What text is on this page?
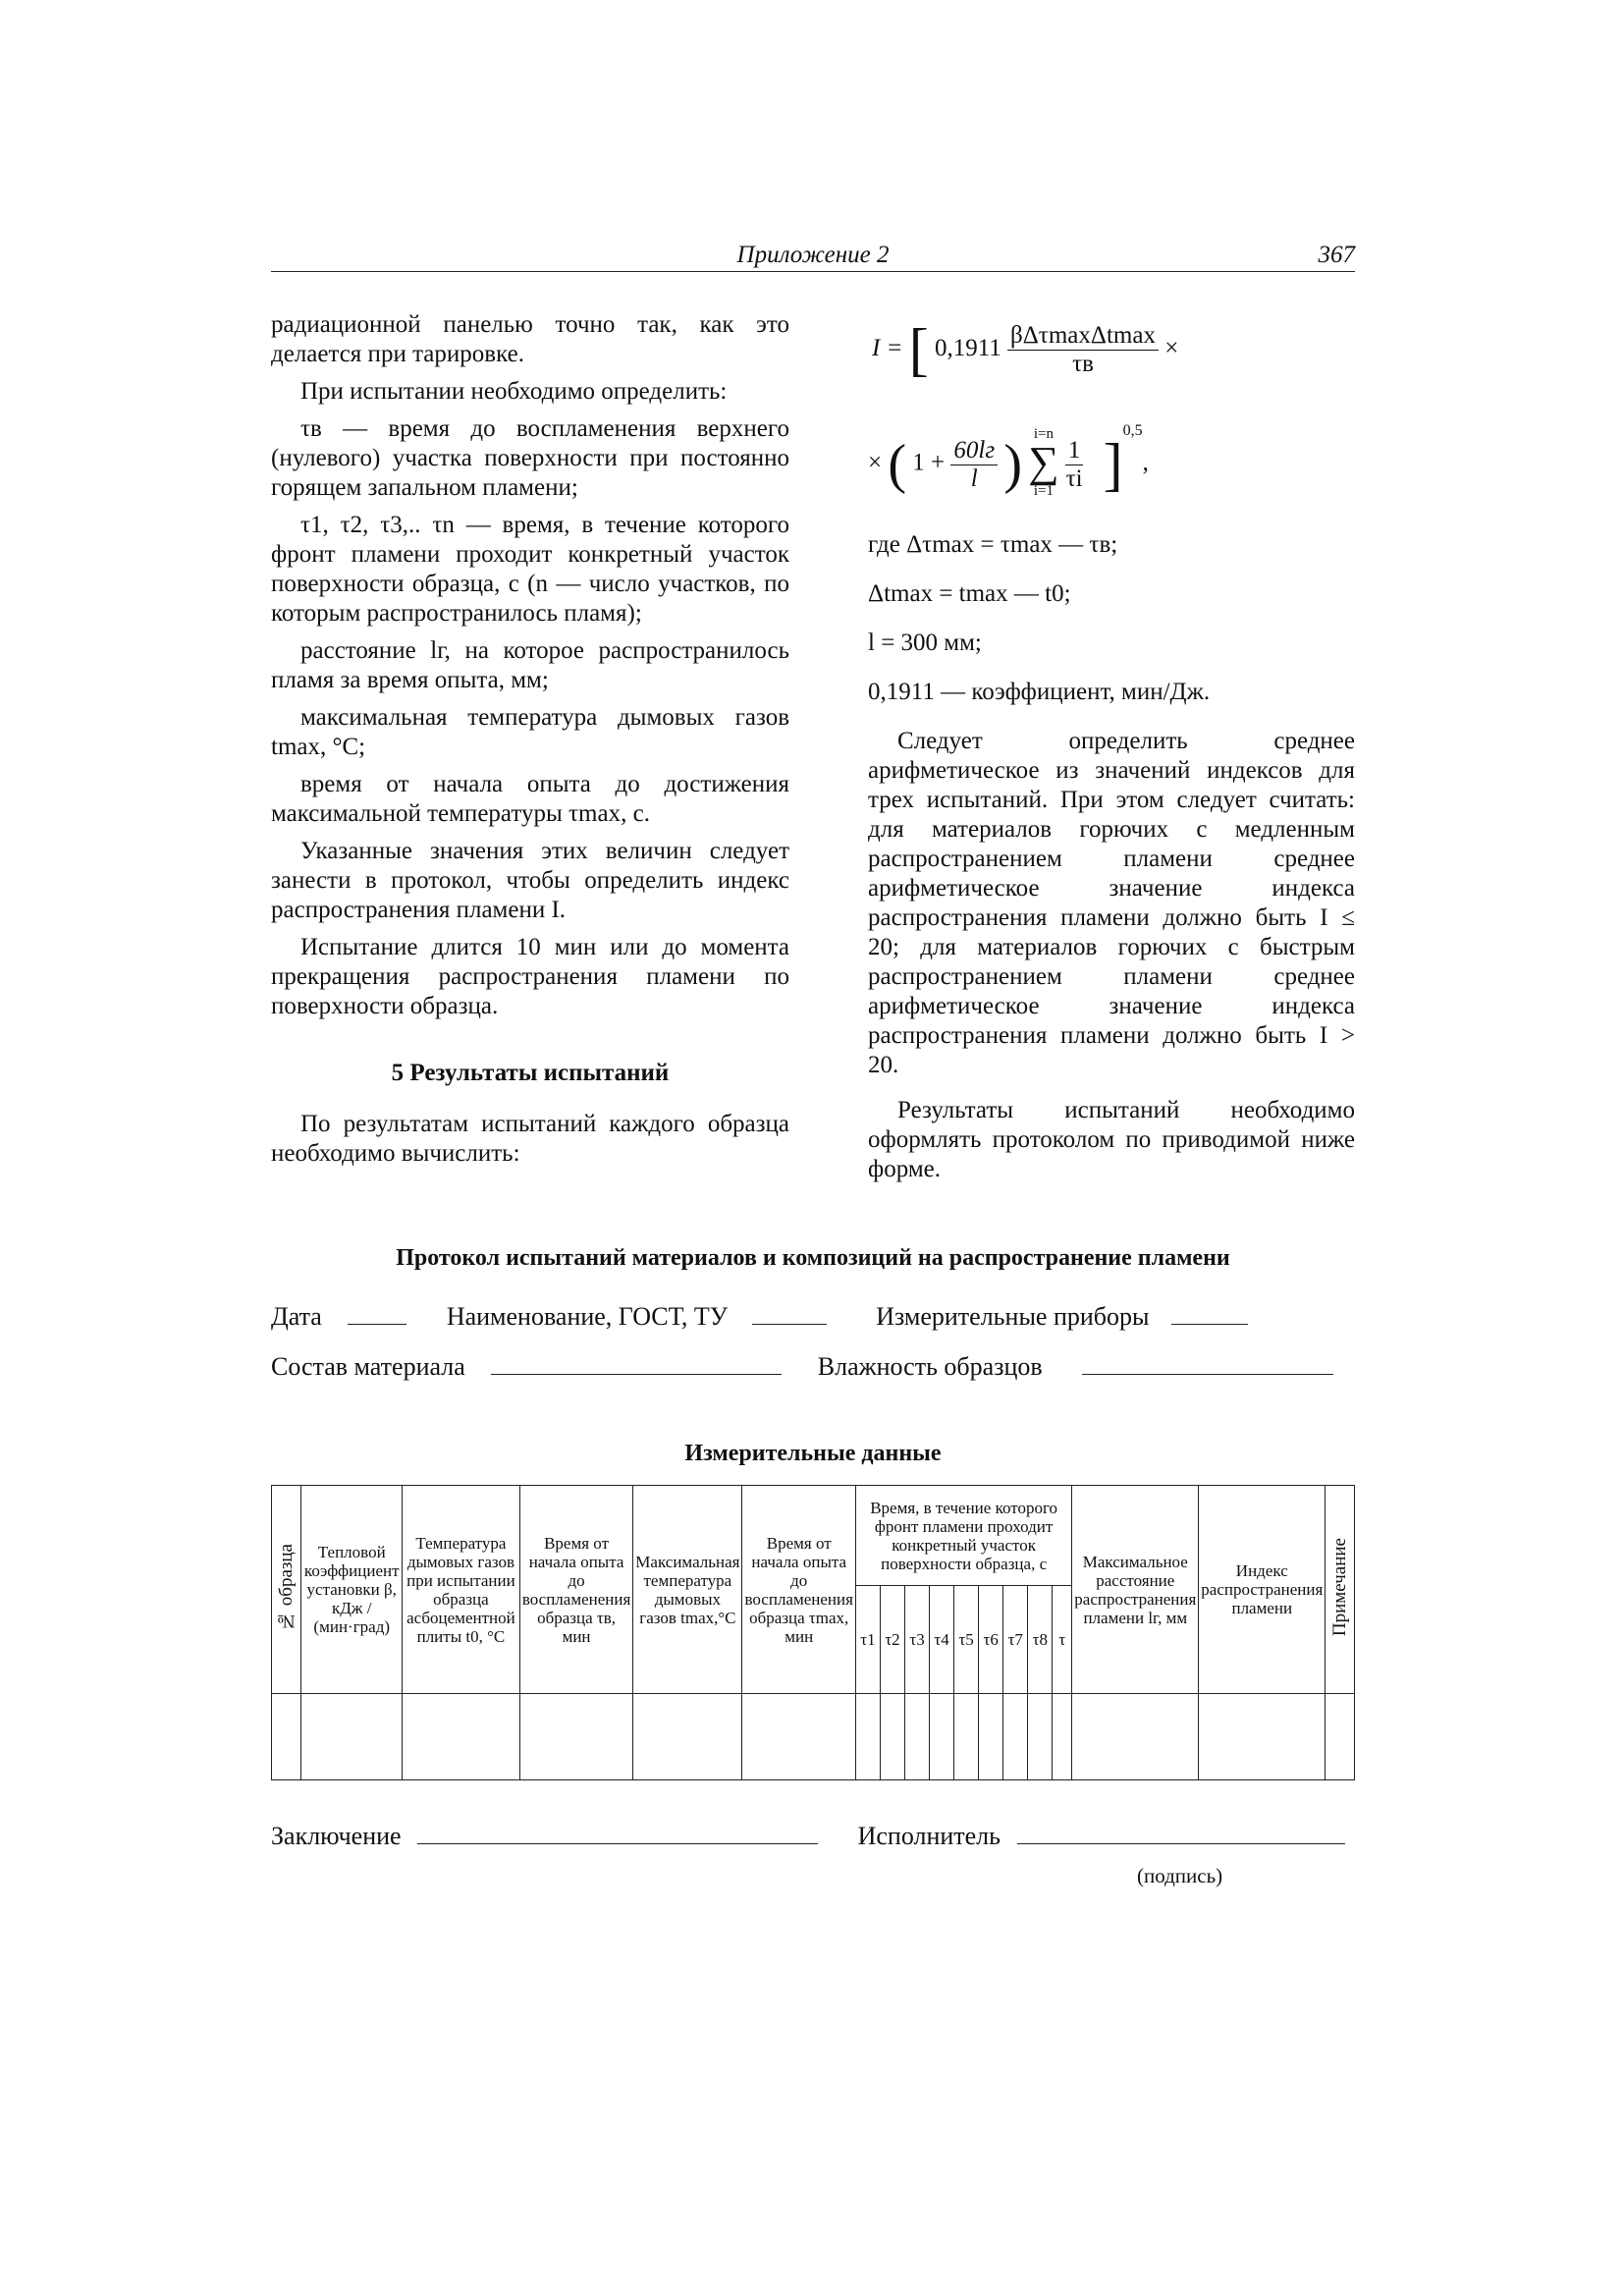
Приложение 2	367

радиационной панелью точно так, как это делается при тарировке.

При испытании необходимо определить:

τв — время до воспламенения верхнего (нулевого) участка поверхности при постоянно горящем запальном пламени;

τ1, τ2, τ3,.. τn — время, в течение которого фронт пламени проходит конкретный участок поверхности образца, с (n — число участков, по которым распространилось пламя);

расстояние lг, на которое распространилось пламя за время опыта, мм;

максимальная температура дымовых газов tmax, °C;

время от начала опыта до достижения максимальной температуры τmax, с.

Указанные значения этих величин следует занести в протокол, чтобы определить индекс распространения пламени I.

Испытание длится 10 мин или до момента прекращения распространения пламени по поверхности образца.

5 Результаты испытаний

По результатам испытаний каждого образца необходимо вычислить:

I = [ $0,1911 \frac{\text{βΔτmaxΔtmax}}{\tau в}$ ×
× ( $1 + \frac{60lг}{l}$ ) i=n
∑
i=1
$\frac{1}{\tau i} ]^{0,5}$,

где Δτmax = τmax — τв;

Δtmax = tmax — t0;

l = 300 мм;

0,1911 — коэффициент, мин/Дж.

Следует определить среднее арифметическое из значений индексов для трех испытаний. При этом следует считать: для материалов горючих с медленным распространением пламени среднее арифметическое значение индекса распространения пламени должно быть I ≤ 20; для материалов горючих с быстрым распространением пламени среднее арифметическое значение индекса распространения пламени должно быть I > 20.

Результаты испытаний необходимо оформлять протоколом по приводимой ниже форме.

Протокол испытаний материалов и композиций на распространение пламени
Дата	Наименование, ГОСТ, ТУ	Измерительные приборы
Состав материала	Влажность образцов
Измерительные данные
№ образца	Тепловой коэффициент установки β, кДж / (мин·град)	Температура дымовых газов при испытании образца асбоцементной плиты t0, °C	Время от начала опыта до воспламенения образца τв, мин	Максимальная температура дымовых газов tmax,°C	Время от начала опыта до воспламенения образца τmax, мин	Время, в течение которого фронт пламени проходит конкретный участок поверхности образца, с									Максимальное расстояние распространения пламени lг, мм	Индекс распространения пламени	Примечание
						τ1	τ2	τ3	τ4	τ5	τ6	τ7	τ8	τ			

Заключение	Исполнитель
(подпись)
